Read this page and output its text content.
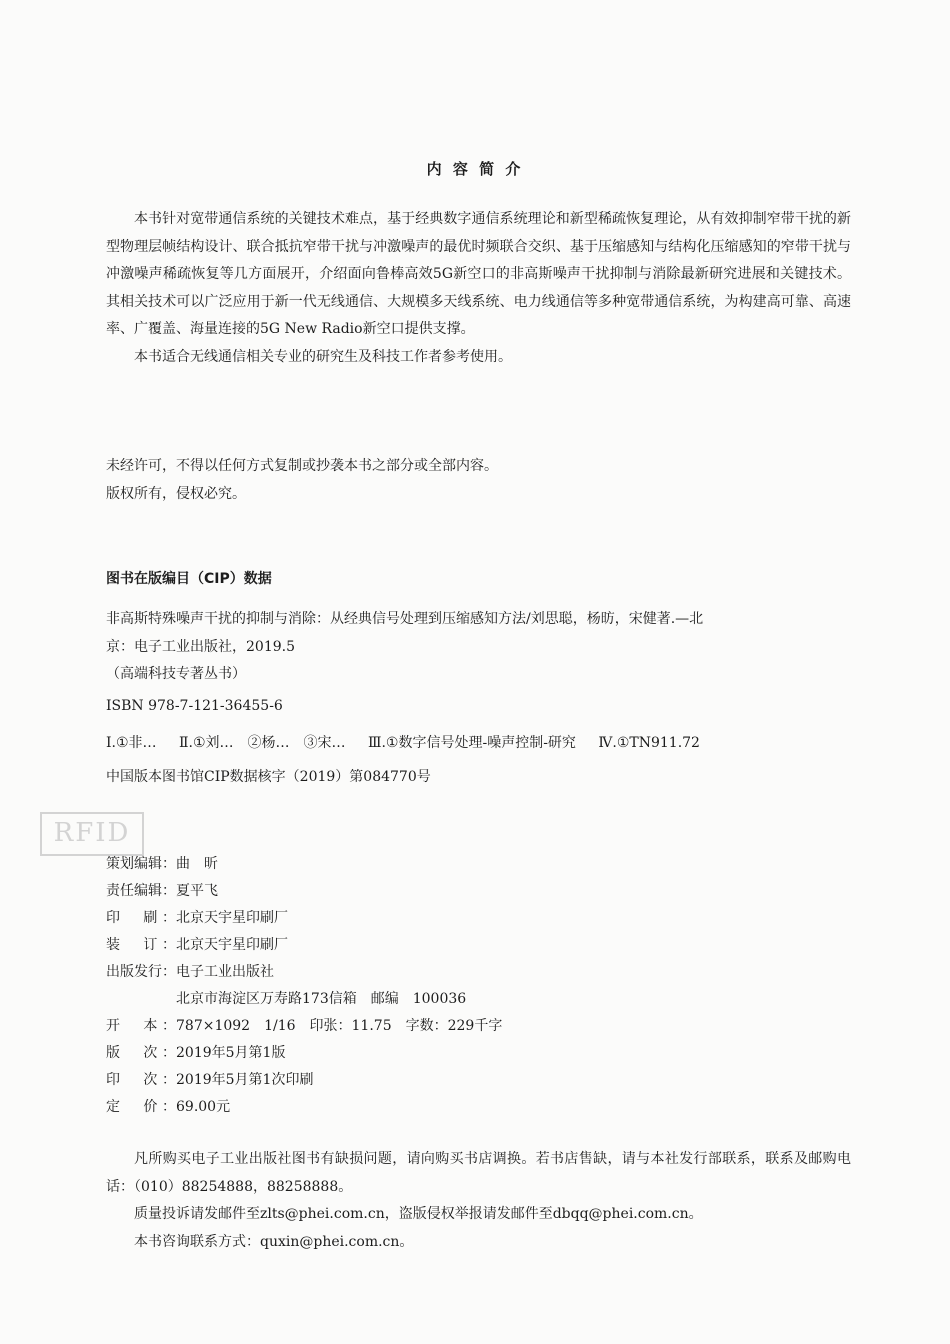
内 容 简 介

本书针对宽带通信系统的关键技术难点，基于经典数字通信系统理论和新型稀疏恢复理论，从有效抑制窄带干扰的新型物理层帧结构设计、联合抵抗窄带干扰与冲激噪声的最优时频联合交织、基于压缩感知与结构化压缩感知的窄带干扰与冲激噪声稀疏恢复等几方面展开，介绍面向鲁棒高效5G新空口的非高斯噪声干扰抑制与消除最新研究进展和关键技术。其相关技术可以广泛应用于新一代无线通信、大规模多天线系统、电力线通信等多种宽带通信系统，为构建高可靠、高速率、广覆盖、海量连接的5G New Radio新空口提供支撑。

本书适合无线通信相关专业的研究生及科技工作者参考使用。

未经许可，不得以任何方式复制或抄袭本书之部分或全部内容。

版权所有，侵权必究。

图书在版编目（CIP）数据
非高斯特殊噪声干扰的抑制与消除：从经典信号处理到压缩感知方法/刘思聪，杨昉，宋健著.—北
京：电子工业出版社，2019.5
（高端科技专著丛书）
ISBN 978-7-121-36455-6
Ⅰ.①非… Ⅱ.①刘…　②杨…　③宋… Ⅲ.①数字信号处理-噪声控制-研究 Ⅳ.①TN911.72
中国版本图书馆CIP数据核字（2019）第084770号
RFID
策划编辑：曲　昕
责任编辑：夏平飞
印　刷：北京天宇星印刷厂
装　订：北京天宇星印刷厂
出版发行：电子工业出版社
北京市海淀区万寿路173信箱　邮编　100036
开　本：787×1092　1/16　印张：11.75　字数：229千字
版　次：2019年5月第1版
印　次：2019年5月第1次印刷
定　价：69.00元

凡所购买电子工业出版社图书有缺损问题，请向购买书店调换。若书店售缺，请与本社发行部联系，联系及邮购电话：（010）88254888，88258888。

质量投诉请发邮件至zlts@phei.com.cn，盗版侵权举报请发邮件至dbqq@phei.com.cn。

本书咨询联系方式：quxin@phei.com.cn。
